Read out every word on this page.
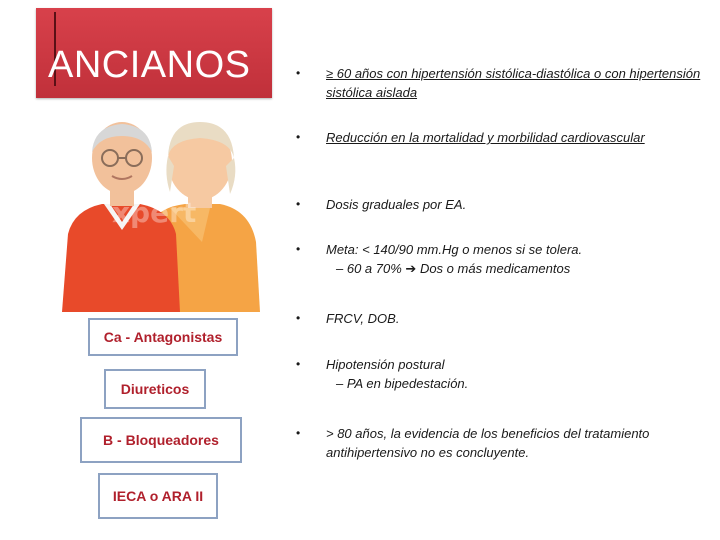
ANCIANOS
xpert
Ca - Antagonistas
Diureticos
B - Bloqueadores
IECA o ARA II
• ≥ 60 años con hipertensión sistólica-diastólica o con hipertensión sistólica aislada
• Reducción en la mortalidad y morbilidad cardiovascular
• Dosis graduales por EA.
• Meta: < 140/90 mm.Hg o menos si se tolera.
– 60 a 70% ➔ Dos o más medicamentos
• FRCV, DOB.
• Hipotensión postural
– PA en bipedestación.
• > 80 años, la evidencia de los beneficios del tratamiento antihipertensivo no es concluyente.
